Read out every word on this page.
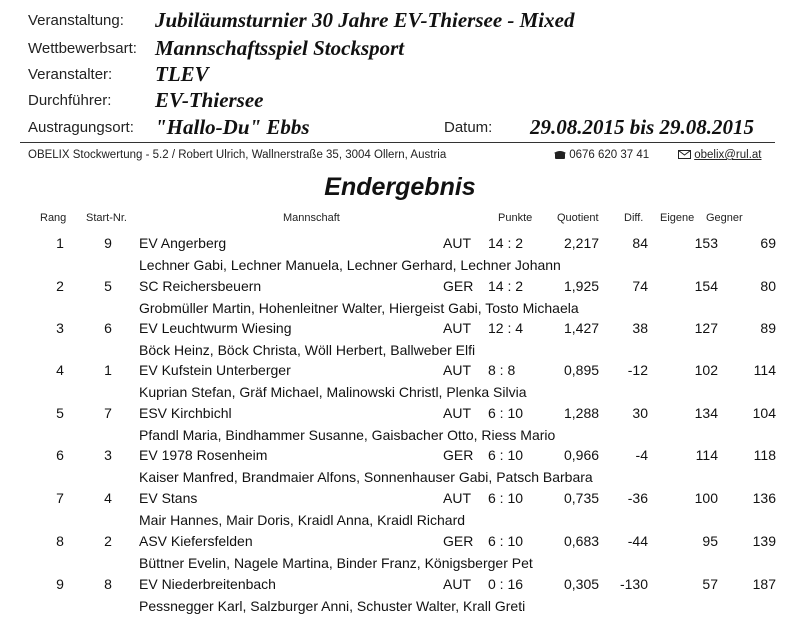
Veranstaltung: Jubiläumsturnier 30 Jahre EV-Thiersee - Mixed
Wettbewerbsart: Mannschaftsspiel Stocksport
Veranstalter: TLEV
Durchführer: EV-Thiersee
Austragungsort: "Hallo-Du" Ebbs	Datum: 29.08.2015 bis 29.08.2015
OBELIX Stockwertung - 5.2 / Robert Ulrich, Wallnerstraße 35, 3004 Ollern, Austria	0676 620 37 41	obelix@rul.at
Endergebnis
Rang Start-Nr.	Mannschaft	Punkte Quotient Diff. Eigene Gegner
1	9	EV Angerberg	AUT 14 : 2	2,217	84	153	69
Lechner Gabi, Lechner Manuela, Lechner Gerhard, Lechner Johann
2	5	SC Reichersbeuern	GER 14 : 2	1,925	74	154	80
Grobmüller Martin, Hohenleitner Walter, Hiergeist Gabi, Tosto Michaela
3	6	EV Leuchtwurm Wiesing	AUT 12 : 4	1,427	38	127	89
Böck Heinz, Böck Christa, Wöll Herbert, Ballweber Elfi
4	1	EV Kufstein Unterberger	AUT 8 : 8	0,895	-12	102	114
Kuprian Stefan, Gräf Michael, Malinowski Christl, Plenka Silvia
5	7	ESV Kirchbichl	AUT 6 : 10	1,288	30	134	104
Pfandl Maria, Bindhammer Susanne, Gaisbacher Otto, Riess Mario
6	3	EV 1978 Rosenheim	GER 6 : 10	0,966	-4	114	118
Kaiser Manfred, Brandmaier Alfons, Sonnenhauser Gabi, Patsch Barbara
7	4	EV Stans	AUT 6 : 10	0,735	-36	100	136
Mair Hannes, Mair Doris, Kraidl Anna, Kraidl Richard
8	2	ASV Kiefersfelden	GER 6 : 10	0,683	-44	95	139
Büttner Evelin, Nagele Martina, Binder Franz, Königsberger Pet
9	8	EV Niederbreitenbach	AUT 0 : 16	0,305	-130	57	187
Pessnegger Karl, Salzburger Anni, Schuster Walter, Krall Greti
